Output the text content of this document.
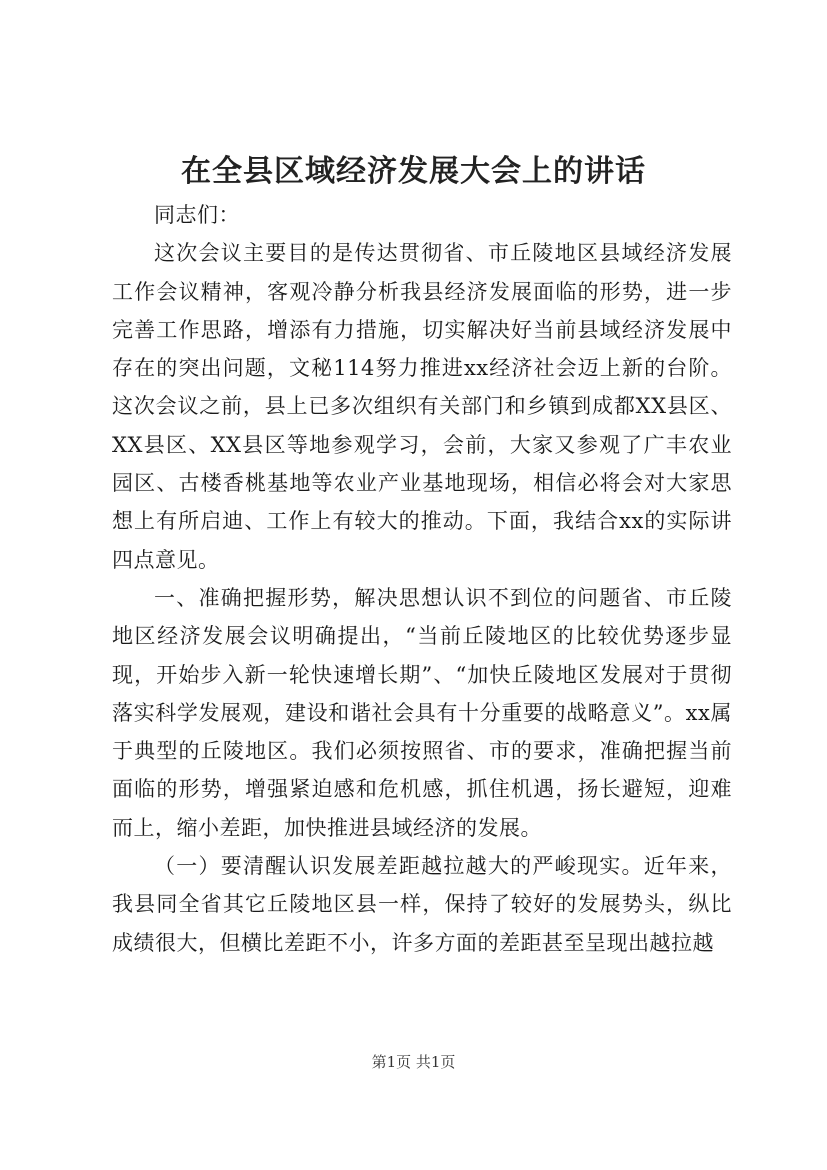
在全县区域经济发展大会上的讲话

同志们：

这次会议主要目的是传达贯彻省、市丘陵地区县域经济发展工作会议精神，客观冷静分析我县经济发展面临的形势，进一步完善工作思路，增添有力措施，切实解决好当前县域经济发展中存在的突出问题，文秘114努力推进xx经济社会迈上新的台阶。这次会议之前，县上已多次组织有关部门和乡镇到成都XX县区、XX县区、XX县区等地参观学习，会前，大家又参观了广丰农业园区、古楼香桃基地等农业产业基地现场，相信必将会对大家思想上有所启迪、工作上有较大的推动。下面，我结合xx的实际讲四点意见。

一、准确把握形势，解决思想认识不到位的问题省、市丘陵地区经济发展会议明确提出，“当前丘陵地区的比较优势逐步显现，开始步入新一轮快速增长期”、“加快丘陵地区发展对于贯彻落实科学发展观，建设和谐社会具有十分重要的战略意义”。xx属于典型的丘陵地区。我们必须按照省、市的要求，准确把握当前面临的形势，增强紧迫感和危机感，抓住机遇，扬长避短，迎难而上，缩小差距，加快推进县域经济的发展。

（一）要清醒认识发展差距越拉越大的严峻现实。近年来，我县同全省其它丘陵地区县一样，保持了较好的发展势头，纵比成绩很大，但横比差距不小，许多方面的差距甚至呈现出越拉越

第1页 共1页
